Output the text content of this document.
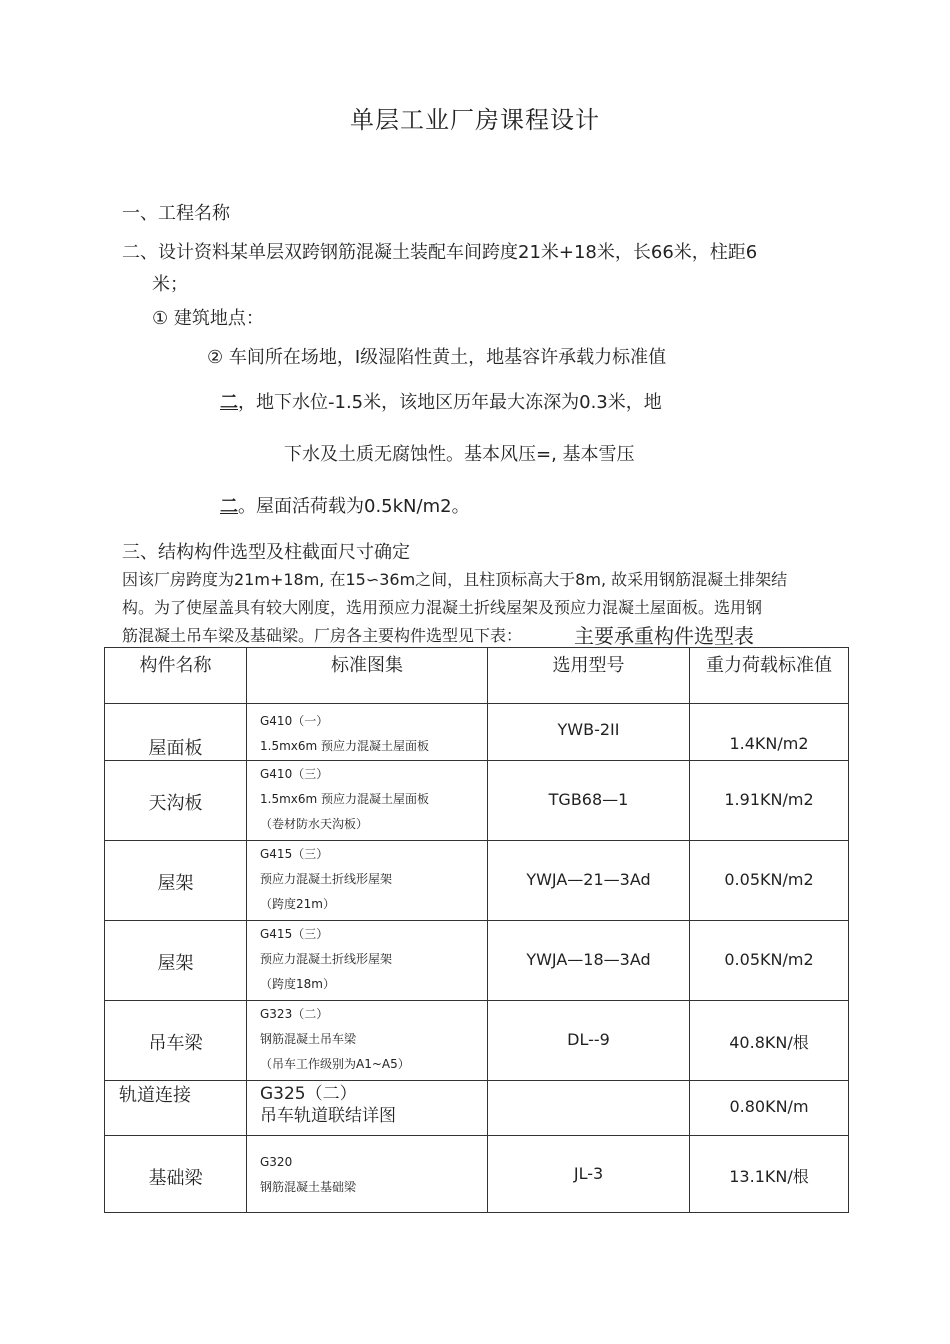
单层工业厂房课程设计
一、工程名称
二、设计资料某单层双跨钢筋混凝土装配车间跨度21米+18米，长66米，柱距6
米；
① 建筑地点：
② 车间所在场地，I级湿陷性黄土，地基容许承载力标准值
二，地下水位-1.5米，该地区历年最大冻深为0.3米，地
下水及土质无腐蚀性。基本风压=, 基本雪压
二。屋面活荷载为0.5kN/m2。
三、结构构件选型及柱截面尺寸确定
因该厂房跨度为21m+18m, 在15∽36m之间，且柱顶标高大于8m, 故采用钢筋混凝土排架结
构。为了使屋盖具有较大刚度，选用预应力混凝土折线屋架及预应力混凝土屋面板。选用钢
筋混凝土吊车梁及基础梁。厂房各主要构件选型见下表：	主要承重构件选型表
构件名称	标准图集	选用型号	重力荷载标准值

屋面板	G410（一）
1.5mx6m 预应力混凝土屋面板	YWB-2II	1.4KN/m2

天沟板	G410（三）
1.5mx6m 预应力混凝土屋面板
（卷材防水天沟板）	TGB68—1	1.91KN/m2

屋架	G415（三）
预应力混凝土折线形屋架
（跨度21m）	YWJA—21—3Ad	0.05KN/m2

屋架	G415（三）
预应力混凝土折线形屋架
（跨度18m）	YWJA—18—3Ad	0.05KN/m2

吊车梁	G323（二）
钢筋混凝土吊车梁
（吊车工作级别为A1~A5）	DL--9	40.8KN/根

轨道连接	G325（二）
吊车轨道联结详图		0.80KN/m

基础梁	G320
钢筋混凝土基础梁	JL-3	13.1KN/根
